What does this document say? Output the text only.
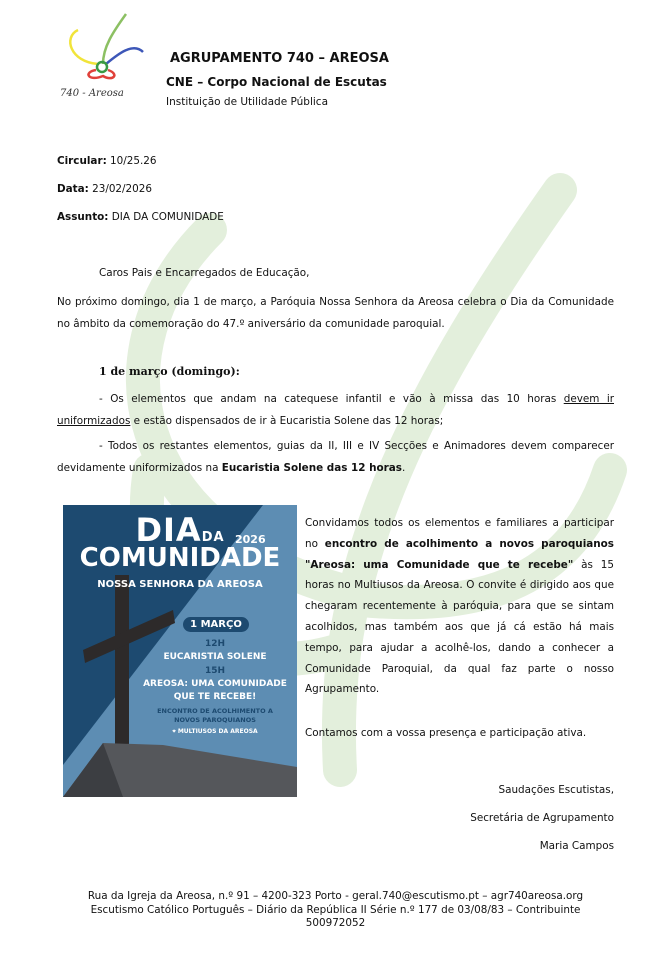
740 - Areosa
AGRUPAMENTO 740 – AREOSA
CNE – Corpo Nacional de Escutas
Instituição de Utilidade Pública
Circular: 10/25.26
Data: 23/02/2026
Assunto: DIA DA COMUNIDADE
Caros Pais e Encarregados de Educação,
No próximo domingo, dia 1 de março, a Paróquia Nossa Senhora da Areosa celebra o Dia da Comunidade no âmbito da comemoração do 47.º aniversário da comunidade paroquial.
1 de março (domingo):
- Os elementos que andam na catequese infantil e vão à missa das 10 horas devem ir uniformizados e estão dispensados de ir à Eucaristia Solene das 12 horas;
- Todos os restantes elementos, guias da II, III e IV Secções e Animadores devem comparecer devidamente uniformizados na Eucaristia Solene das 12 horas.
DIADA 2026
COMUNIDADE
NOSSA SENHORA DA AREOSA
1 MARÇO
12H
EUCARISTIA SOLENE
15H
AREOSA: UMA COMUNIDADE
QUE TE RECEBE!
ENCONTRO DE ACOLHIMENTO A
NOVOS PAROQUIANOS
⌖ MULTIUSOS DA AREOSA
Convidamos todos os elementos e familiares a participar no encontro de acolhimento a novos paroquianos "Areosa: uma Comunidade que te recebe" às 15 horas no Multiusos da Areosa. O convite é dirigido aos que chegaram recentemente à paróquia, para que se sintam acolhidos, mas também aos que já cá estão há mais tempo, para ajudar a acolhê-los, dando a conhecer a Comunidade Paroquial, da qual faz parte o nosso Agrupamento.
Contamos com a vossa presença e participação ativa.
Saudações Escutistas,
Secretária de Agrupamento
Maria Campos
Rua da Igreja da Areosa, n.º 91 – 4200-323 Porto - geral.740@escutismo.pt – agr740areosa.org
Escutismo Católico Português – Diário da República II Série n.º 177 de 03/08/83 – Contribuinte
500972052
